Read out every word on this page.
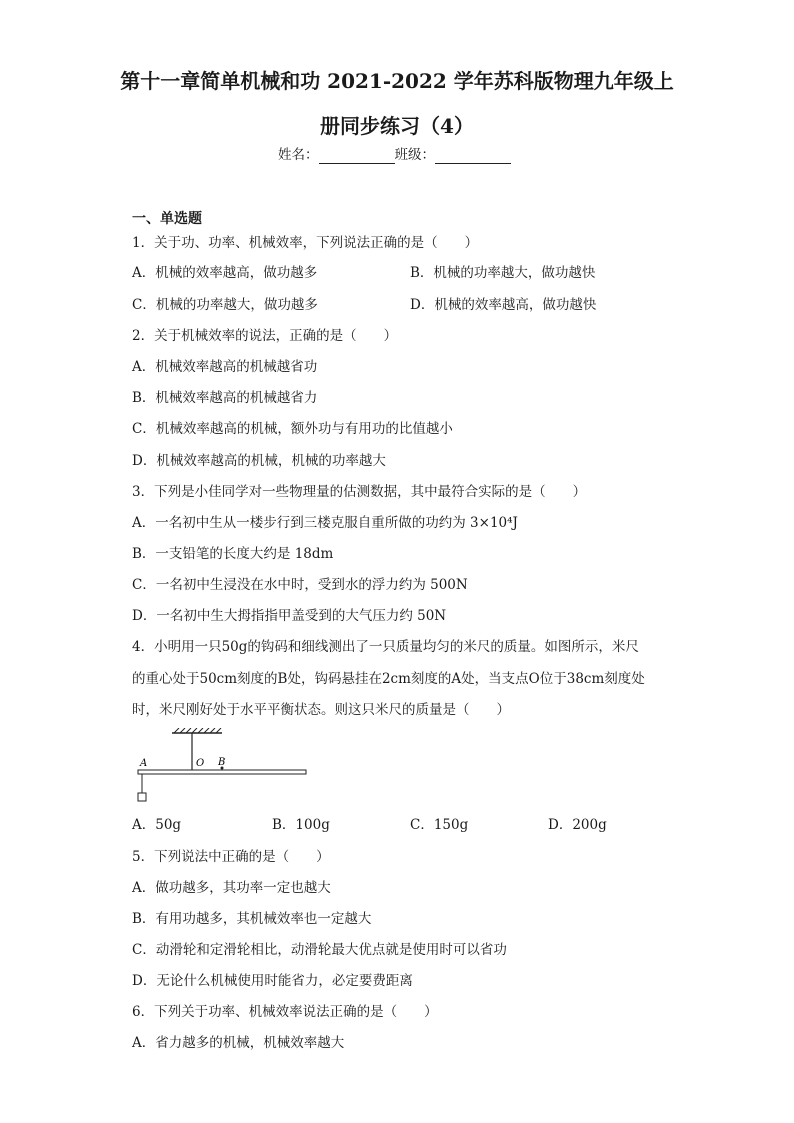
第十一章简单机械和功 2021-2022 学年苏科版物理九年级上
册同步练习（4）
姓名：	班级：
一、单选题
1．关于功、功率、机械效率，下列说法正确的是（　　）
A．机械的效率越高，做功越多	B．机械的功率越大，做功越快
C．机械的功率越大，做功越多	D．机械的效率越高，做功越快
2．关于机械效率的说法，正确的是（　　）
A．机械效率越高的机械越省功
B．机械效率越高的机械越省力
C．机械效率越高的机械，额外功与有用功的比值越小
D．机械效率越高的机械，机械的功率越大
3．下列是小佳同学对一些物理量的估测数据，其中最符合实际的是（　　）
A．一名初中生从一楼步行到三楼克服自重所做的功约为 3×10⁴J
B．一支铅笔的长度大约是 18dm
C．一名初中生浸没在水中时，受到水的浮力约为 500N
D．一名初中生大拇指指甲盖受到的大气压力约 50N
4．小明用一只50g的钩码和细线测出了一只质量均匀的米尺的质量。如图所示，米尺
的重心处于50cm刻度的B处，钩码悬挂在2cm刻度的A处，当支点O位于38cm刻度处
时，米尺刚好处于水平平衡状态。则这只米尺的质量是（　　）
A	O B
A．50g	B．100g	C．150g	D．200g
5．下列说法中正确的是（　　）
A．做功越多，其功率一定也越大
B．有用功越多，其机械效率也一定越大
C．动滑轮和定滑轮相比，动滑轮最大优点就是使用时可以省功
D．无论什么机械使用时能省力，必定要费距离
6．下列关于功率、机械效率说法正确的是（　　）
A．省力越多的机械，机械效率越大
